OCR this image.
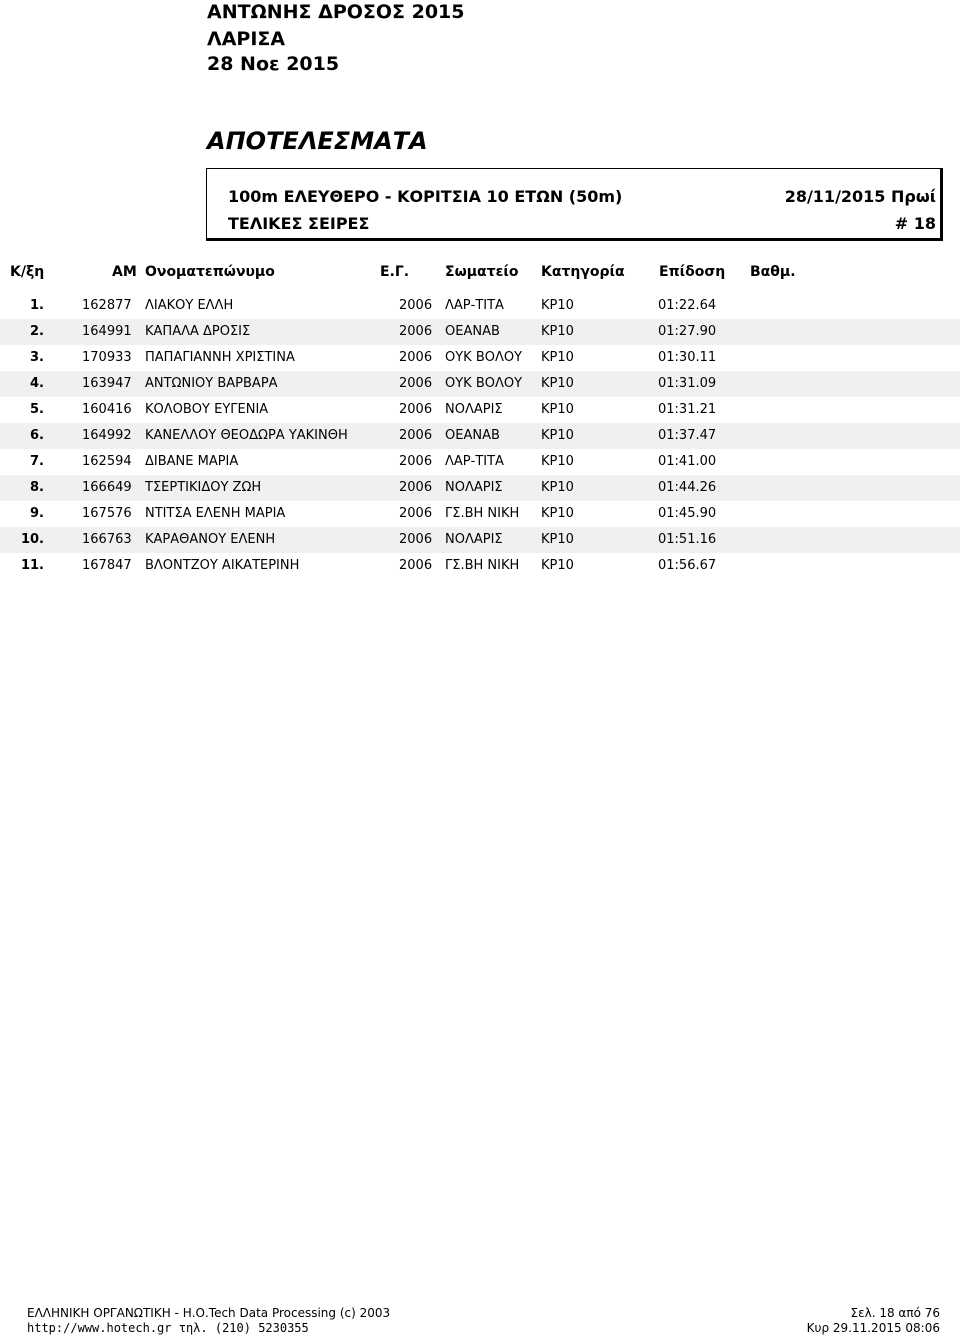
ΑΝΤΩΝΗΣ ΔΡΟΣΟΣ 2015
ΛΑΡΙΣΑ
28 Νοε 2015
ΑΠΟΤΕΛΕΣΜΑΤΑ
100m ΕΛΕΥΘΕΡΟ - ΚΟΡΙΤΣΙΑ 10 ΕΤΩΝ (50m)	28/11/2015 Πρωί
ΤΕΛΙΚΕΣ ΣΕΙΡΕΣ	# 18
Κ/ξη	ΑΜ Ονοματεπώνυμο	Ε.Γ.	Σωματείο Κατηγορία Επίδοση Βαθμ.
1.	162877 ΛΙΑΚΟΥ ΕΛΛΗ	2006 ΛΑΡ-ΤΙΤΑ	ΚΡ10	01:22.64
2.	164991 ΚΑΠΑΛΑ ΔΡΟΣΙΣ	2006 ΟΕΑΝΑΒ	ΚΡ10	01:27.90
3.	170933 ΠΑΠΑΓΙΑΝΝΗ ΧΡΙΣΤΙΝΑ	2006 ΟΥΚ ΒΟΛΟΥ ΚΡ10	01:30.11
4.	163947 ΑΝΤΩΝΙΟΥ ΒΑΡΒΑΡΑ	2006 ΟΥΚ ΒΟΛΟΥ ΚΡ10	01:31.09
5.	160416 ΚΟΛΟΒΟΥ ΕΥΓΕΝΙΑ	2006 ΝΟΛΑΡΙΣ	ΚΡ10	01:31.21
6.	164992 ΚΑΝΕΛΛΟΥ ΘΕΟΔΩΡΑ ΥΑΚΙΝΘΗ	2006 ΟΕΑΝΑΒ	ΚΡ10	01:37.47
7.	162594 ΔΙΒΑΝΕ ΜΑΡΙΑ	2006 ΛΑΡ-ΤΙΤΑ	ΚΡ10	01:41.00
8.	166649 ΤΣΕΡΤΙΚΙΔΟΥ ΖΩΗ	2006 ΝΟΛΑΡΙΣ	ΚΡ10	01:44.26
9.	167576 ΝΤΙΤΣΑ ΕΛΕΝΗ ΜΑΡΙΑ	2006 ΓΣ.ΒΗ ΝΙΚΗ ΚΡ10	01:45.90
10.	166763 ΚΑΡΑΘΑΝΟΥ ΕΛΕΝΗ	2006 ΝΟΛΑΡΙΣ	ΚΡ10	01:51.16
11.	167847 ΒΛΟΝΤΖΟΥ ΑΙΚΑΤΕΡΙΝΗ	2006 ΓΣ.ΒΗ ΝΙΚΗ ΚΡ10	01:56.67
ΕΛΛΗΝΙΚΗ ΟΡΓΑΝΩΤΙΚΗ - Η.Ο.Tech Data Processing (c) 2003
http://www.hotech.gr τηλ. (210) 5230355
Σελ. 18 από 76
Κυρ 29.11.2015 08:06
